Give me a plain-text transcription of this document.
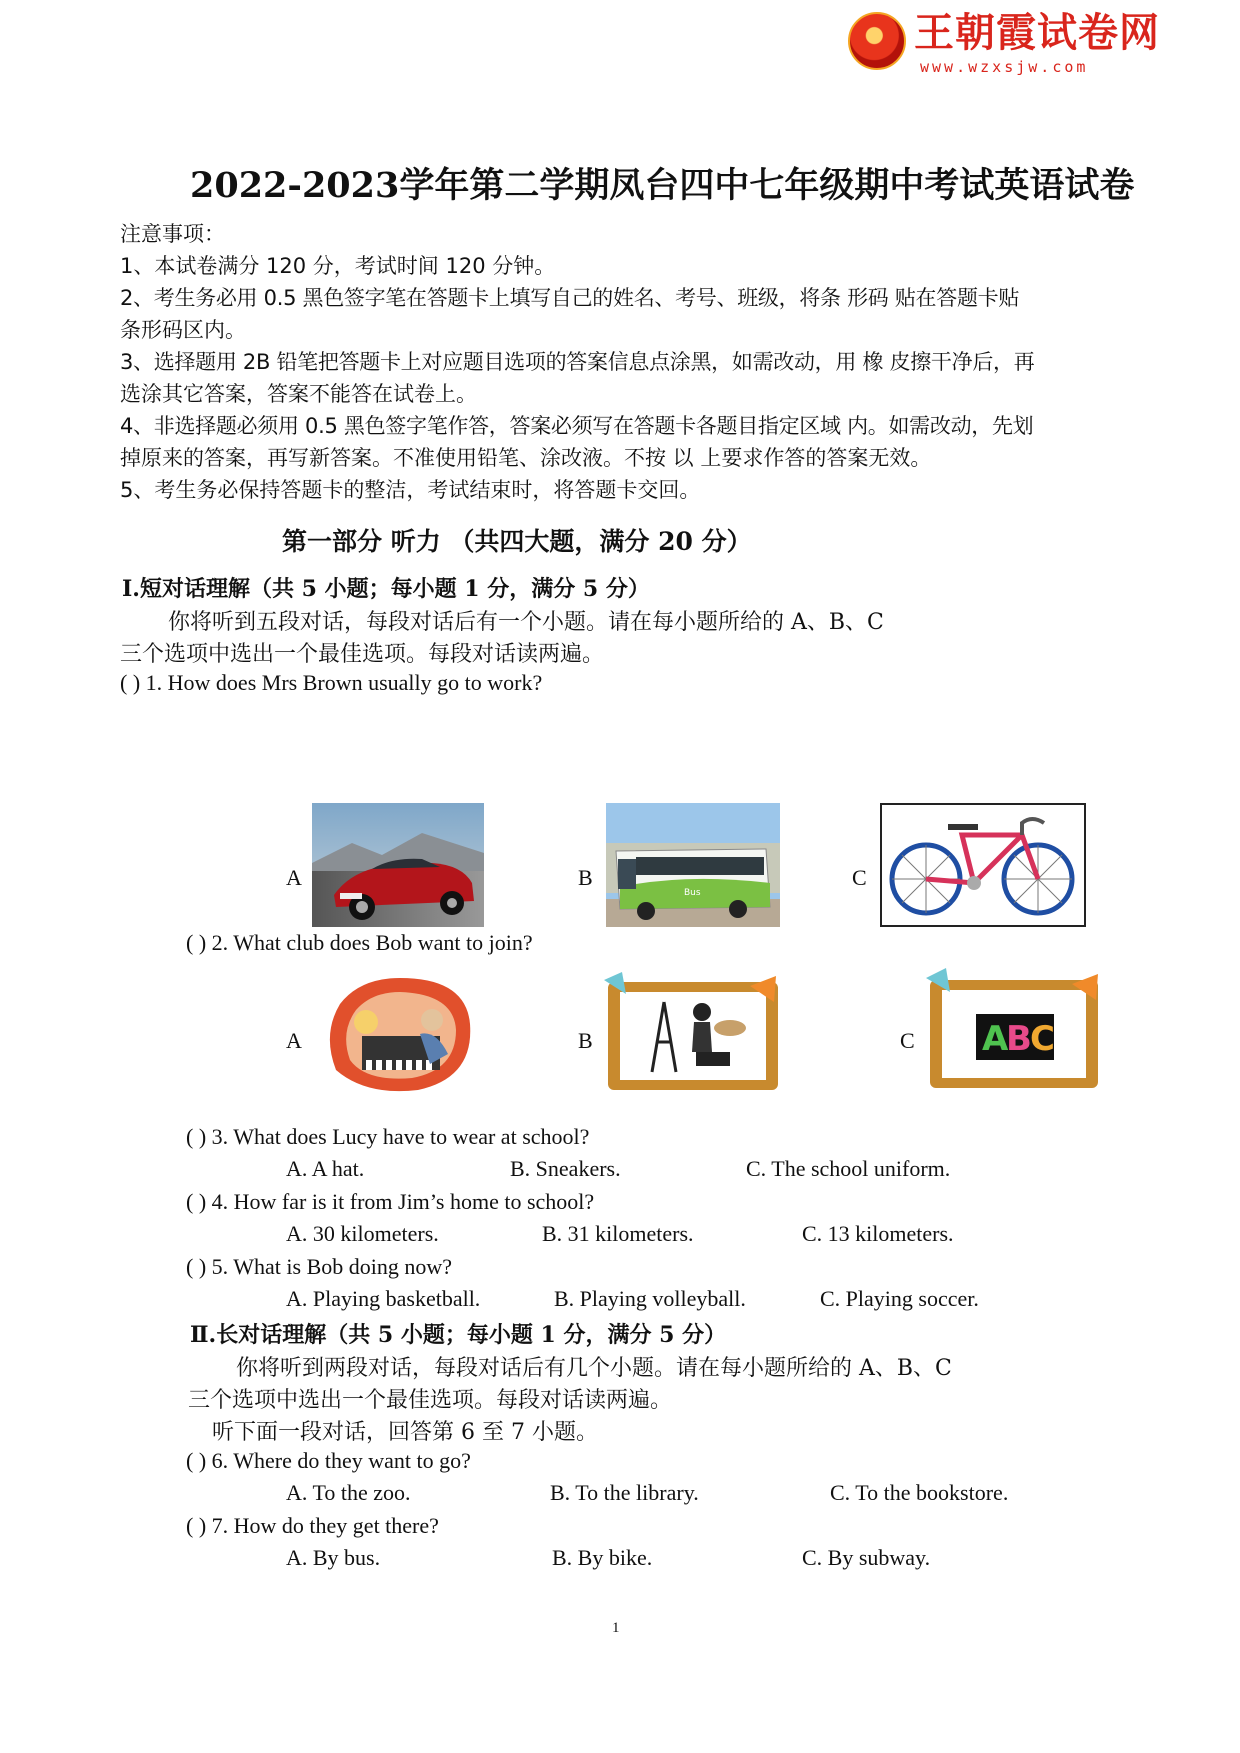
王朝霞试卷网
www.wzxsjw.com
2022-2023学年第二学期凤台四中七年级期中考试英语试卷
注意事项：
1、本试卷满分 120 分，考试时间 120 分钟。
2、考生务必用 0.5 黑色签字笔在答题卡上填写自己的姓名、考号、班级，将条 形码 贴在答题卡贴
条形码区内。
3、选择题用 2B 铅笔把答题卡上对应题目选项的答案信息点涂黑，如需改动，用 橡 皮擦干净后，再
选涂其它答案，答案不能答在试卷上。
4、非选择题必须用 0.5 黑色签字笔作答，答案必须写在答题卡各题目指定区域 内。如需改动，先划
掉原来的答案，再写新答案。不准使用铅笔、涂改液。不按 以 上要求作答的答案无效。
5、考生务必保持答题卡的整洁，考试结束时，将答题卡交回。
第一部分 听力 （共四大题，满分 20 分）
Ⅰ.短对话理解（共 5 小题；每小题 1 分，满分 5 分）
你将听到五段对话，每段对话后有一个小题。请在每小题所给的 A、B、C
三个选项中选出一个最佳选项。每段对话读两遍。
( ) 1. How does Mrs Brown usually go to work?
A	B
Bus
C
( ) 2. What club does Bob want to join?
A	B	C A
B
C
( ) 3. What does Lucy have to wear at school?
A. A hat.	B. Sneakers.	C. The school uniform.
( ) 4. How far is it from Jim’s home to school?
A. 30 kilometers.	B. 31 kilometers.	C. 13 kilometers.
( ) 5. What is Bob doing now?
A. Playing basketball.	B. Playing volleyball.	C. Playing soccer.
Ⅱ.长对话理解（共 5 小题；每小题 1 分，满分 5 分）
你将听到两段对话，每段对话后有几个小题。请在每小题所给的 A、B、C
三个选项中选出一个最佳选项。每段对话读两遍。
听下面一段对话，回答第 6 至 7 小题。
( ) 6. Where do they want to go?
A. To the zoo.	B. To the library.	C. To the bookstore.
( ) 7. How do they get there?
A. By bus.	B. By bike.	C. By subway.
1
